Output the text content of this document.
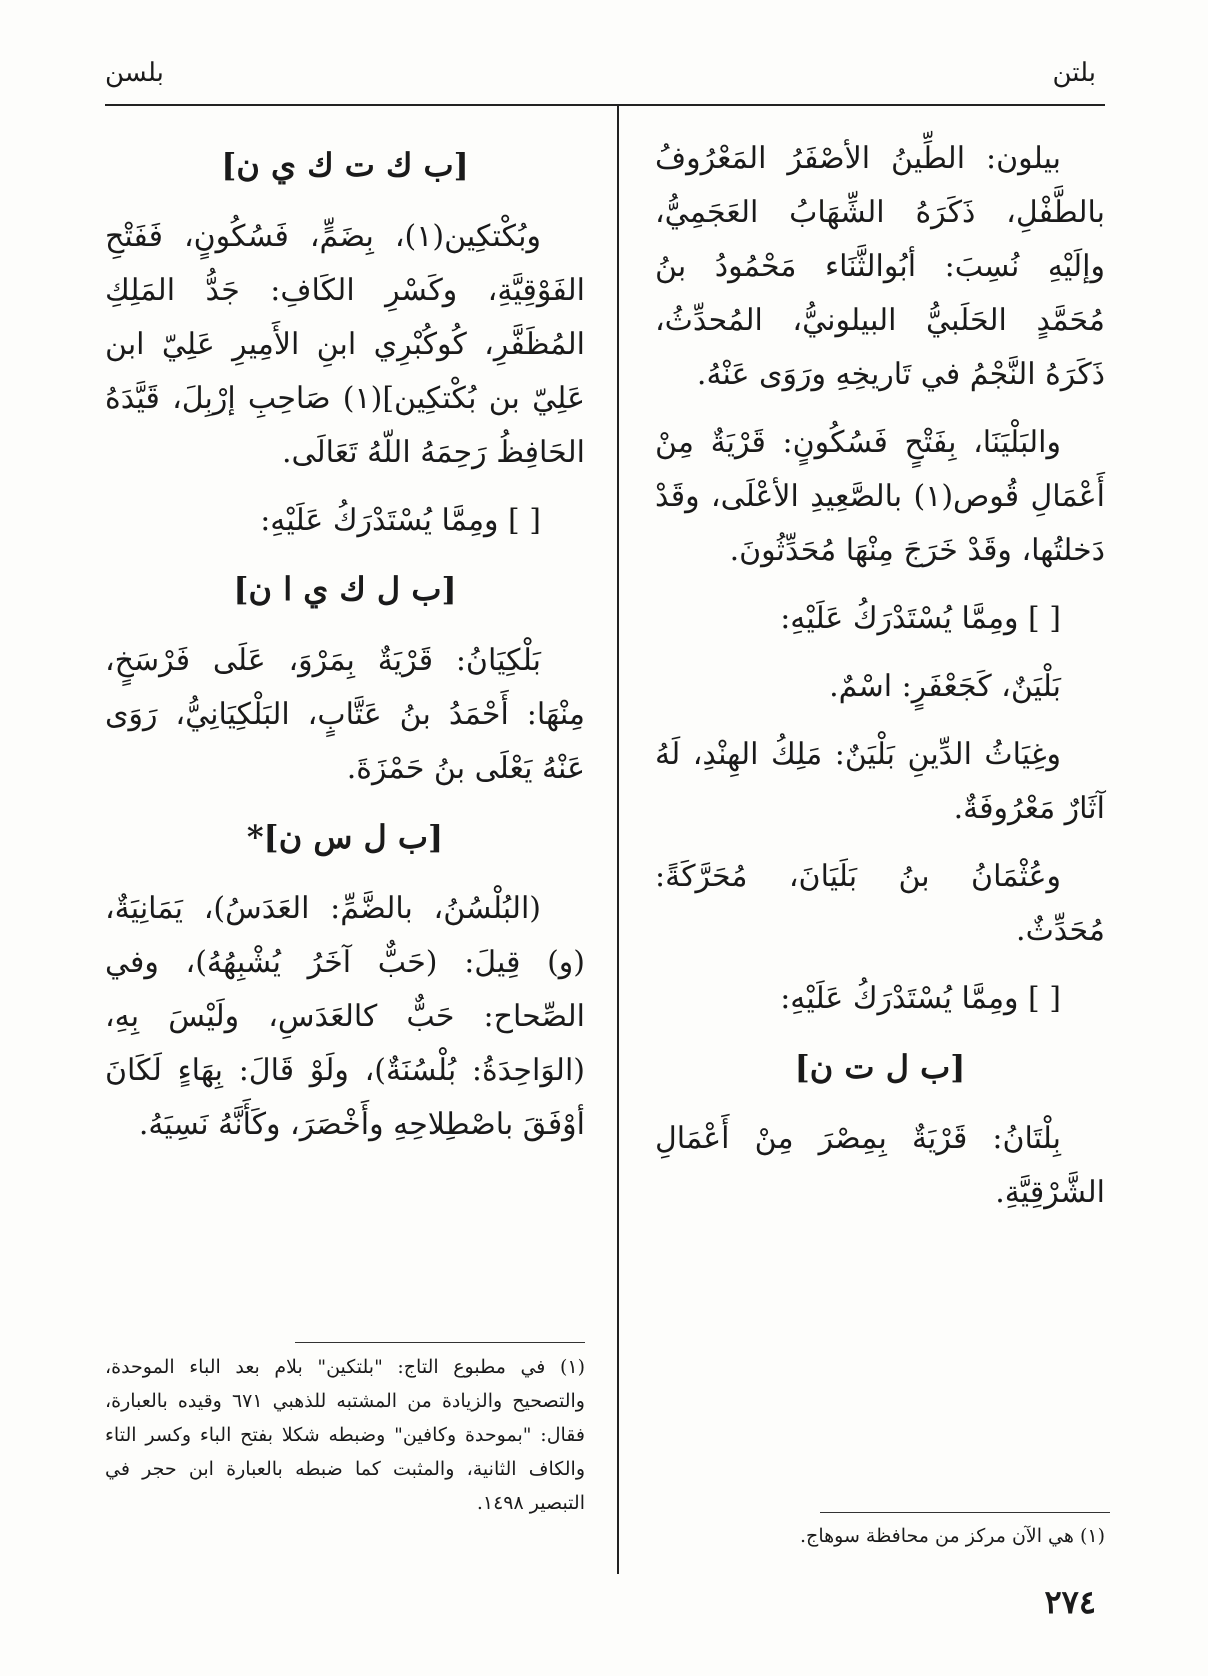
بلسن	بلتن

بيلون: الطِّينُ الأصْفَرُ المَعْرُوفُ بالطَّفْلِ، ذَكَرَهُ الشِّهَابُ العَجَمِيُّ، وإلَيْهِ نُسِبَ: أبُوالثَّنَاء مَحْمُودُ بنُ مُحَمَّدٍ الحَلَبيُّ البيلونيُّ، المُحدِّثُ، ذَكَرَهُ النَّجْمُ في تَاريخِهِ ورَوَى عَنْهُ.

والبَلْيَنَا، بِفَتْحٍ فَسُكُونٍ: قَرْيَةٌ مِنْ أَعْمَالِ قُوص(١) بالصَّعِيدِ الأعْلَى، وقَدْ دَخلتُها، وقَدْ خَرَجَ مِنْهَا مُحَدِّثُونَ.

[ ] ومِمَّا يُسْتَدْرَكُ عَلَيْهِ:

بَلْيَنٌ، كَجَعْفَرٍ: اسْمٌ.

وغِيَاثُ الدِّينِ بَلْيَنٌ: مَلِكُ الهِنْدِ، لَهُ آثَارٌ مَعْرُوفَةٌ.

وعُثْمَانُ بنُ بَلَيَانَ، مُحَرَّكَةً: مُحَدِّثٌ.

[ ] ومِمَّا يُسْتَدْرَكُ عَلَيْهِ:

[ب ل ت ن]

بِلْتَانُ: قَرْيَةٌ بِمِصْرَ مِنْ أَعْمَالِ الشَّرْقِيَّةِ.

[ب ك ت ك ي ن]

وبُكْتكِين(١)، بِضَمٍّ، فَسُكُونٍ، فَفَتْحِ الفَوْقِيَّةِ، وكَسْرِ الكَافِ: جَدُّ المَلِكِ المُظَفَّرِ، كُوكُبْرِي ابنِ الأَمِيرِ عَلِيّ ابن عَلِيّ بن بُكْتكِين](١) صَاحِبِ إرْبِلَ، قَيَّدَهُ الحَافِظُ رَحِمَهُ اللّهُ تَعَالَى.

[ ] ومِمَّا يُسْتَدْرَكُ عَلَيْهِ:

[ب ل ك ي ا ن]

بَلْكِيَانُ: قَرْيَةٌ بِمَرْوَ، عَلَى فَرْسَخٍ، مِنْهَا: أَحْمَدُ بنُ عَتَّابٍ، البَلْكِيَانِيُّ، رَوَى عَنْهُ يَعْلَى بنُ حَمْزَةَ.

[ب ل س ن]*

(البُلْسُنُ، بالضَّمِّ: العَدَسُ)، يَمَانِيَةٌ، (و) قِيلَ: (حَبٌّ آخَرُ يُشْبِهُهُ)، وفي الصِّحاح: حَبٌّ كالعَدَسِ، ولَيْسَ بِهِ، (الوَاحِدَةُ: بُلْسُنَةٌ)، ولَوْ قَالَ: بِهَاءٍ لَكَانَ أوْفَقَ باصْطِلاحِهِ وأَخْصَرَ، وكَأَنَّهُ نَسِيَهُ.

(١) في مطبوع التاج: "بلتكين" بلام بعد الباء الموحدة، والتصحيح والزيادة من المشتبه للذهبي ٦٧١ وقيده بالعبارة، فقال: "بموحدة وكافين" وضبطه شكلا بفتح الباء وكسر التاء والكاف الثانية، والمثبت كما ضبطه بالعبارة ابن حجر في التبصير ١٤٩٨.
(١) هي الآن مركز من محافظة سوهاج.
٢٧٤
